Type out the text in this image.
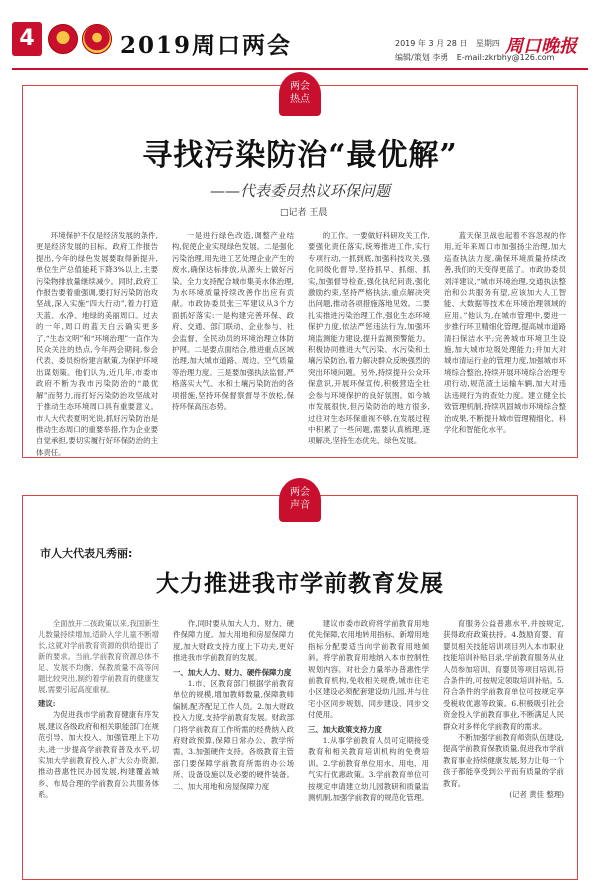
4	2019周口两会	2019 年 3 月 28 日 星期四
编辑/策划 李勇 E-mail:zkrbhy@126.com
周口晚报
两会
热点
寻找污染防治“最优解”
——代表委员热议环保问题
□记者 王晨

环境保护不仅是经济发展的条件,更是经济发展的目标。政府工作报告提出,今年的绿色发展要取得新提升,单位生产总值能耗下降3%以上,主要污染物排放量继续减少。同时,政府工作报告要着重强调,要打好污染防治攻坚战,深入实施“四大行动”,着力打造天蓝、水净、地绿的美丽周口。过去的一年,周口的蓝天白云确实更多了,“生态文明”和“环境治理”一直作为民众关注的热点,今年两会期间,参会代表、委员纷纷建言献策,为保护环境出谋划策。他们认为,近几年,市委市政府不断为我市污染防治的“最优解”而努力,而打好污染防治攻坚战对于推动生态环境周口具有重要意义。市人大代表夏明光说,抓好污染防治是推动生态周口的重要举措,作为企业要自觉承担,要切实履行好环保防治的主体责任。

一是进行绿色改造,调整产业结构,促使企业实现绿色发展。二是强化污染治理,用先进工艺处理企业产生的废水,确保达标排放,从源头上做好污染。全力支持配合城市集美水体治理,为水环境质量持续改善作出应有贡献。市政协委员张三军建议从3个方面抓好落实:一是构建完善环保、政府、交通、部门联动、企业参与、社会监督、全民动员的环境治理立体防护网。二是要点面结合,推进重点区域治理,加大城市道路、周边、空气质量等治理力度。三是要加强执法监督,严格落实大气、水和土壤污染防治的各项措施,坚持环保督察督导不放松,保持环保高压态势。

的工作。一要做好科研攻关工作,要强化责任落实,统筹推进工作,实行专项行动,一抓到底,加强科技攻关,强化同级化督导,坚持抓早、抓细、抓实,加强督导检查,强化执纪问责,强化激励约束,坚持严格执法,重点解决突出问题,推动各项措施落地见效。二要扎实推进污染治理工作,强化生态环境保护力度,依法严惩违法行为,加强环境监测能力建设,提升监测预警能力。积极协同推进大气污染、水污染和土壤污染防治,着力解决群众反映强烈的突出环境问题。另外,持续提升公众环保意识,开展环保宣传,积极营造全社会参与环境保护的良好氛围。如今城市发展很快,但污染防治的地方很多,过往对生态环保重视不够,在发展过程中积累了一些问题,需要认真梳理,逐项解决,坚持生态优先、绿色发展。

蓝天保卫战也起着不容忽视的作用,近年来周口市加强扬尘治理,加大巡查执法力度,确保环境质量持续改善,我们的天变得更蓝了。市政协委员刘洋建议,“城市环境治理,交通执法整治和公共服务有望,应该加大人工智能、大数据等技术在环境治理领域的应用。”他认为,在城市管理中,要进一步推行环卫精细化管理,提高城市道路清扫保洁水平;完善城市环境卫生设施,加大城市垃圾处理能力;并加大对城市清运行业的管理力度,加强城市环境综合整治,持续开展环境综合治理专项行动,规范渣土运输车辆,加大对违法违规行为的查处力度。建立健全长效管理机制,持续巩固城市环境综合整治成果,不断提升城市管理精细化、科学化和智能化水平。

两会
声音
市人大代表凡秀丽:
大力推进我市学前教育发展

全面放开二孩政策以来,我国新生儿数量持续增加,适龄入学儿童不断增长,这就对学前教育资源的供给提出了新的要求。当前,学前教育资源总体不足、发展不均衡、保教质量不高等问题比较突出,制约着学前教育的健康发展,需要引起高度重视。

建议:

为促进我市学前教育健康有序发展,建议各级政府和相关职能部门在规范引导、加大投入、加强管理上下功夫,进一步提高学前教育普及水平,切实加大学前教育投入,扩大公办资源,推动普惠性民办园发展,构建覆盖城乡、布局合理的学前教育公共服务体系。

作,同时要从加大人力、财力、硬件保障力度。加大用地和房屋保障力度,加大财政支持力度上下功夫,更好推进我市学前教育的发展。

一、加大人力、财力、硬件保障力度

1.市、区教育部门根据学前教育单位的规模,增加教师数量,保障教师编制,配齐配足工作人员。2.加大财政投入力度,支持学前教育发展。财政部门将学前教育工作所需的经费纳入政府财政预算,保障日常办公、教学所需。3.加强硬件支持。各级教育主管部门要保障学前教育所需的办公场所、设备设施以及必要的硬件装备。二、加大用地和房屋保障力度

建议市委市政府将学前教育用地优先保障,农用地转用指标、新增用地指标分配要适当向学前教育用地倾斜。将学前教育用地纳入本市控制性规划内容。对社会力量举办普惠性学前教育机构,免收相关规费,城市住宅小区建设必须配套建设幼儿园,并与住宅小区同步规划、同步建设、同步交付使用。

三、加大政策支持力度

1.从事学前教育人员可定期接受教育和相关教育培训机构的免费培训。2.学前教育单位用水、用电、用气实行优惠政策。3.学前教育单位可按规定申请建立幼儿园教研和质量监测机制,加强学前教育的规范化管理。

育服务公益普惠水平,并按规定,获得政府政策扶持。4.鼓励育婴、育婴员相关技能培训项目列入本市职业技能培训补贴目录,学前教育服务从业人员参加培训、育婴员等项目培训,符合条件的,可按规定领取培训补贴。5.符合条件的学前教育单位可按规定享受税收优惠等政策。6.积极吸引社会资金投入学前教育事业,不断满足人民群众对多样化学前教育的需求。

不断加强学前教育师资队伍建设,提高学前教育保教质量,促进我市学前教育事业持续健康发展,努力让每一个孩子都能享受到公平而有质量的学前教育。

(记者 黄佳 整理)
